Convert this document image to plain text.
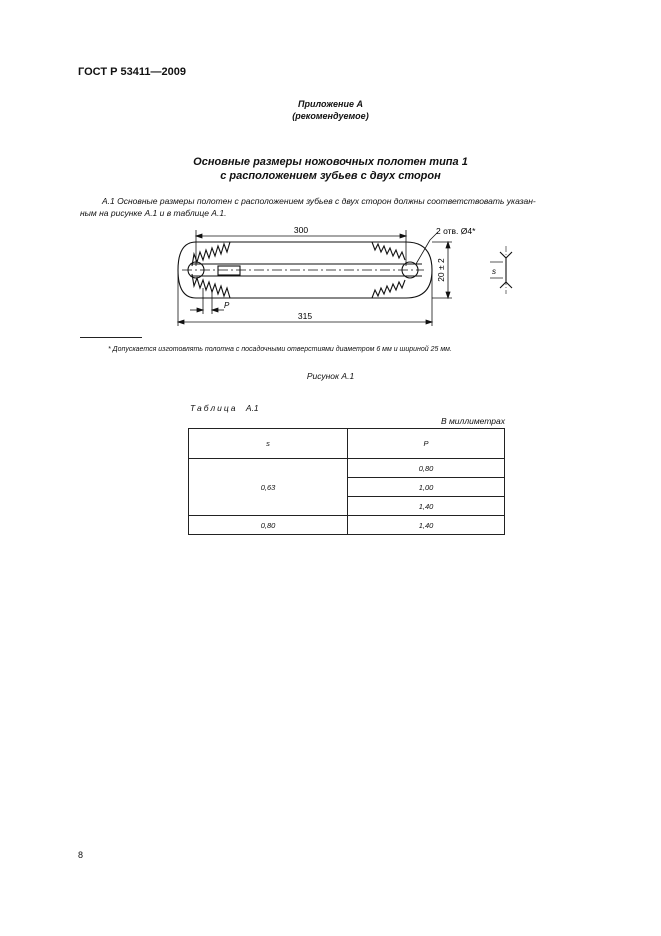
ГОСТ Р 53411—2009
Приложение А
(рекомендуемое)
Основные размеры ножовочных полотен типа 1
с расположением зубьев с двух сторон
А.1 Основные размеры полотен с расположением зубьев с двух сторон должны соответствовать указан-
ным на рисунке А.1 и в таблице А.1.
300
315
2 отв. Ø4*
20 ± 2
P
s
* Допускается изготовлять полотна с посадочными отверстиями диаметром 6 мм и шириной 25 мм.
Рисунок А.1
Таблица А.1
В миллиметрах
s	P
0,63	0,80
	1,00
	1,40
0,80	1,40
8
